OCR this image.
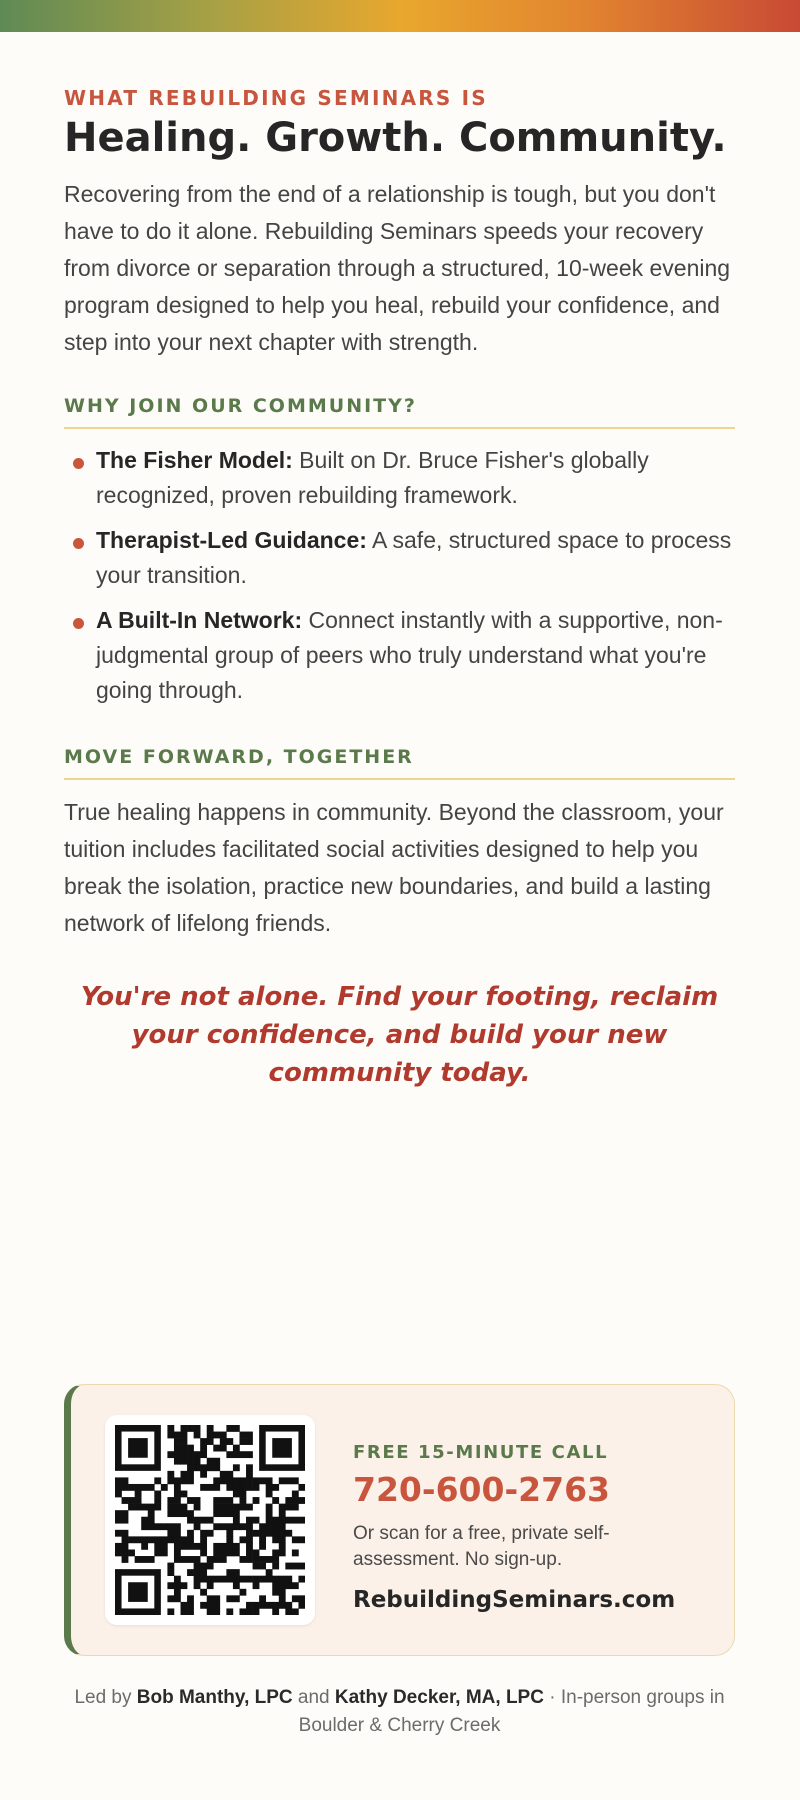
WHAT REBUILDING SEMINARS IS

Healing. Growth. Community.

Recovering from the end of a relationship is tough, but you don't have to do it alone. Rebuilding Seminars speeds your recovery from divorce or separation through a structured, 10-week evening program designed to help you heal, rebuild your confidence, and step into your next chapter with strength.

WHY JOIN OUR COMMUNITY?
The Fisher Model: Built on Dr. Bruce Fisher's globally recognized, proven rebuilding framework.
Therapist-Led Guidance: A safe, structured space to process your transition.
A Built-In Network: Connect instantly with a supportive, non-judgmental group of peers who truly understand what you're going through.
MOVE FORWARD, TOGETHER

True healing happens in community. Beyond the classroom, your tuition includes facilitated social activities designed to help you break the isolation, practice new boundaries, and build a lasting network of lifelong friends.

You're not alone. Find your footing, reclaim your confidence, and build your new community today.

FREE 15-MINUTE CALL

720-600-2763

Or scan for a free, private self-assessment. No sign-up.

RebuildingSeminars.com

Led by Bob Manthy, LPC and Kathy Decker, MA, LPC · In-person groups in Boulder & Cherry Creek
